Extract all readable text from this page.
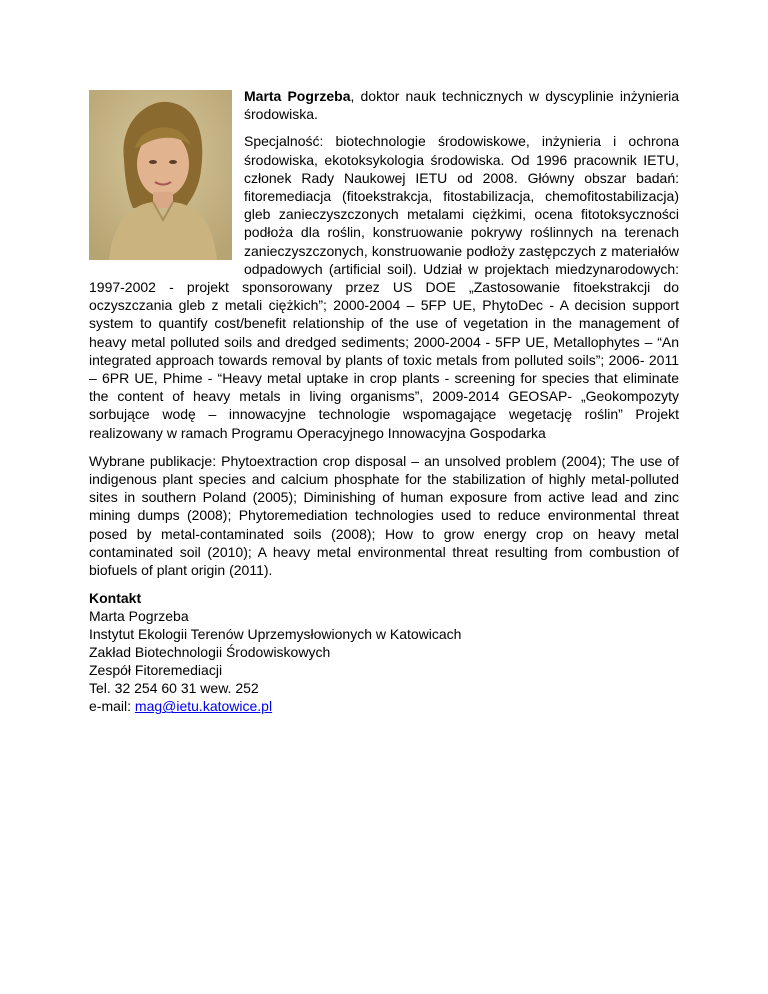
Marta Pogrzeba, doktor nauk technicznych w dyscyplinie inżynieria środowiska.

Specjalność: biotechnologie środowiskowe, inżynieria i ochrona środowiska, ekotoksykologia środowiska. Od 1996 pracownik IETU, członek Rady Naukowej IETU od 2008. Główny obszar badań: fitoremediacja (fitoekstrakcja, fitostabilizacja, chemofitostabilizacja) gleb zanieczyszczonych metalami ciężkimi, ocena fitotoksyczności podłoża dla roślin, konstruowanie pokrywy roślinnych na terenach zanieczyszczonych, konstruowanie podłoży zastępczych z materiałów odpadowych (artificial soil). Udział w projektach miedzynarodowych: 1997-2002 - projekt sponsorowany przez US DOE „Zastosowanie fitoekstrakcji do oczyszczania gleb z metali ciężkich”; 2000-2004 – 5FP UE, PhytoDec - A decision support system to quantify cost/benefit relationship of the use of vegetation in the management of heavy metal polluted soils and dredged sediments; 2000-2004 - 5FP UE, Metallophytes – “An integrated approach towards removal by plants of toxic metals from polluted soils”; 2006- 2011 – 6PR UE, Phime - “Heavy metal uptake in crop plants - screening for species that eliminate the content of heavy metals in living organisms”, 2009-2014 GEOSAP- „Geokompozyty sorbujące wodę – innowacyjne technologie wspomagające wegetację roślin” Projekt realizowany w ramach Programu Operacyjnego Innowacyjna Gospodarka

Wybrane publikacje: Phytoextraction crop disposal – an unsolved problem (2004); The use of indigenous plant species and calcium phosphate for the stabilization of highly metal-polluted sites in southern Poland (2005); Diminishing of human exposure from active lead and zinc mining dumps (2008); Phytoremediation technologies used to reduce environmental threat posed by metal-contaminated soils (2008); How to grow energy crop on heavy metal contaminated soil (2010); A heavy metal environmental threat resulting from combustion of biofuels of plant origin (2011).

Kontakt
Marta Pogrzeba
Instytut Ekologii Terenów Uprzemysłowionych w Katowicach
Zakład Biotechnologii Środowiskowych
Zespół Fitoremediacji
Tel. 32 254 60 31 wew. 252
e-mail: mag@ietu.katowice.pl
